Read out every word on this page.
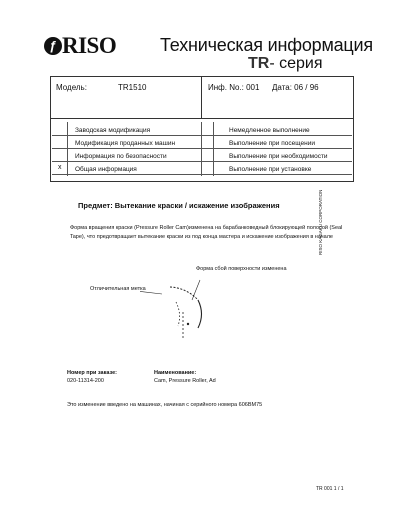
ƒ RISO Техническая информация
TR- серия
Модель:	TR1510	Инф. No.: 001 Дата: 06 / 96
Заводская модификация	Немедленное выполнение
Модификация проданных машин	Выполнение при посещении
Информация по безопасности	Выполнение при необходимости
x Общая информация	Выполнение при установке
Предмет: Вытекание краски / искажение изображения
Форма вращения краски (Pressure Roller Cam)изменена на барабанковедный блокирующей полосой (Seal Tape), что предотвращает вытекание краски из под конца мастера и искажение изображения в начале
Форма сбой поверхности изменена
Отличительная метка
Номер при заказе:
020-11314-200
Наименование:
Cam, Pressure Roller, Ad
Это изменение введено на машинах, начиная с серийного номера 606BM75
RISO KAGAKU CORPORATION
TR 001 1 / 1
